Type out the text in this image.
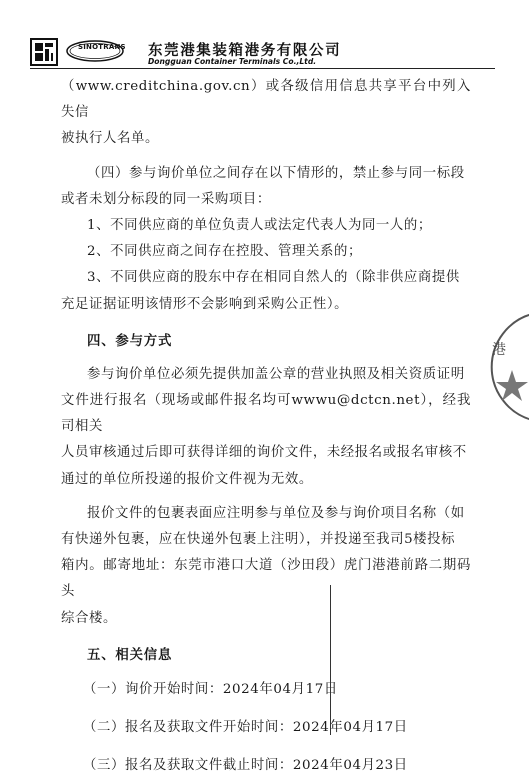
SINOTRANS 东莞港集装箱港务有限公司
Dongguan Container Terminals Co.,Ltd.

（www.creditchina.gov.cn）或各级信用信息共享平台中列入失信

被执行人名单。

（四）参与询价单位之间存在以下情形的，禁止参与同一标段

或者未划分标段的同一采购项目：

1、不同供应商的单位负责人或法定代表人为同一人的；

2、不同供应商之间存在控股、管理关系的；

3、不同供应商的股东中存在相同自然人的（除非供应商提供

充足证据证明该情形不会影响到采购公正性）。

四、参与方式

参与询价单位必须先提供加盖公章的营业执照及相关资质证明

文件进行报名（现场或邮件报名均可wwwu@dctcn.net），经我司相关

人员审核通过后即可获得详细的询价文件，未经报名或报名审核不

通过的单位所投递的报价文件视为无效。

报价文件的包裹表面应注明参与单位及参与询价项目名称（如

有快递外包裹，应在快递外包裹上注明），并投递至我司5楼投标

箱内。邮寄地址：东莞市港口大道（沙田段）虎门港港前路二期码头

综合楼。

五、相关信息

（一）询价开始时间：2024年04月17日

（二）报名及获取文件开始时间：2024年04月17日

（三）报名及获取文件截止时间：2024年04月23日

港
